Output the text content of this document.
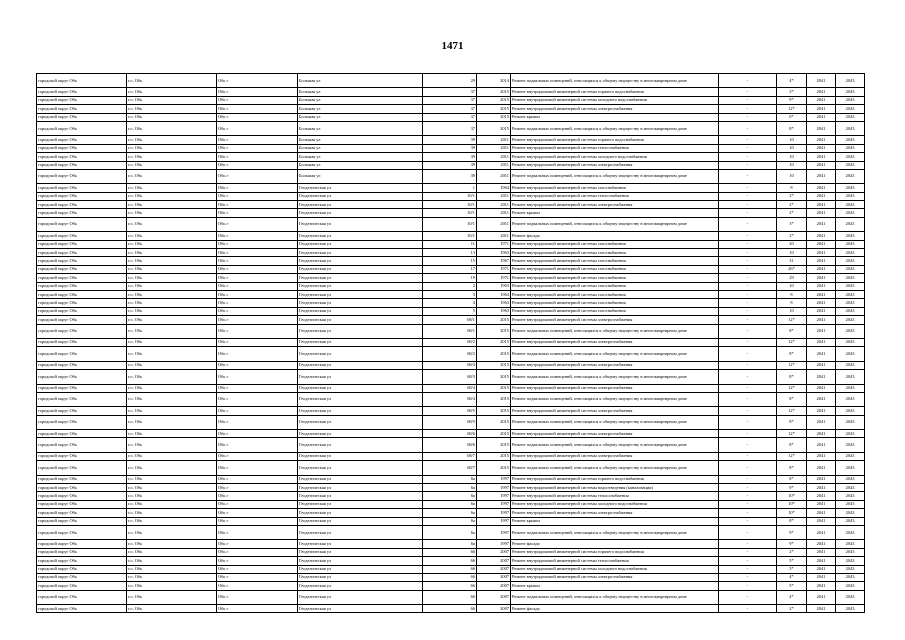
1471
городской округ Обь	г.о. Обь	Обь г	Большая ул	29	2014	Ремонт подвальных помещений, относящихся к общему имуществу в многоквартирном доме	-	4*	2041	2043
городской округ Обь	г.о. Обь	Обь г	Большая ул	37	2015	Ремонт внутридомовой инженерной системы горячего водоснабжения	-	3*	2041	2043
городской округ Обь	г.о. Обь	Обь г	Большая ул	37	2015	Ремонт внутридомовой инженерной системы холодного водоснабжения	-	9*	2041	2043
городской округ Обь	г.о. Обь	Обь г	Большая ул	37	2015	Ремонт внутридомовой инженерной системы электроснабжения	-	12*	2041	2043
городской округ Обь	г.о. Обь	Обь г	Большая ул	37	2015	Ремонт крыши	-	0*	2041	2043
городской округ Обь	г.о. Обь	Обь г	Большая ул	37	2015	Ремонт подвальных помещений, относящихся к общему имуществу в многоквартирном доме	-	8*	2041	2043
городской округ Обь	г.о. Обь	Обь г	Большая ул	39	2011	Ремонт внутридомовой инженерной системы горячего водоснабжения	-	10	2041	2043
городской округ Обь	г.о. Обь	Обь г	Большая ул	39	2011	Ремонт внутридомовой инженерной системы теплоснабжения	-	10	2041	2043
городской округ Обь	г.о. Обь	Обь г	Большая ул	39	2011	Ремонт внутридомовой инженерной системы холодного водоснабжения	-	10	2041	2043
городской округ Обь	г.о. Обь	Обь г	Большая ул	39	2011	Ремонт внутридомовой инженерной системы электроснабжения	-	10	2041	2043
городской округ Обь	г.о. Обь	Обь г	Большая ул	39	2011	Ремонт подвальных помещений, относящихся к общему имуществу в многоквартирном доме	-	10	2041	2043
городской округ Обь	г.о. Обь	Обь г	Геодезическая ул	1	1964	Ремонт внутридомовой инженерной системы газоснабжения	-	8	2041	2043
городской округ Обь	г.о. Обь	Обь г	Геодезическая ул	10/1	2011	Ремонт внутридомовой инженерной системы теплоснабжения	-	2*	2041	2043
городской округ Обь	г.о. Обь	Обь г	Геодезическая ул	10/1	2011	Ремонт внутридомовой инженерной системы электроснабжения	-	2*	2041	2043
городской округ Обь	г.о. Обь	Обь г	Геодезическая ул	10/1	2011	Ремонт крыши	-	2*	2041	2043
городской округ Обь	г.о. Обь	Обь г	Геодезическая ул	10/1	2011	Ремонт подвальных помещений, относящихся к общему имуществу в многоквартирном доме	-	3*	2041	2043
городской округ Обь	г.о. Обь	Обь г	Геодезическая ул	10/1	2011	Ремонт фасада	-	2*	2041	2043
городской округ Обь	г.о. Обь	Обь г	Геодезическая ул	11	1971	Ремонт внутридомовой инженерной системы газоснабжения	-	20	2041	2043
городской округ Обь	г.о. Обь	Обь г	Геодезическая ул	13	1963	Ремонт внутридомовой инженерной системы газоснабжения	-	10	2041	2043
городской округ Обь	г.о. Обь	Обь г	Геодезическая ул	15	1967	Ремонт внутридомовой инженерной системы газоснабжения	-	31	2041	2043
городской округ Обь	г.о. Обь	Обь г	Геодезическая ул	17	1971	Ремонт внутридомовой инженерной системы газоснабжения	-	26*	2041	2043
городской округ Обь	г.о. Обь	Обь г	Геодезическая ул	19	1971	Ремонт внутридомовой инженерной системы газоснабжения	-	29	2041	2043
городской округ Обь	г.о. Обь	Обь г	Геодезическая ул	2	1963	Ремонт внутридомовой инженерной системы газоснабжения	-	10	2041	2043
городской округ Обь	г.о. Обь	Обь г	Геодезическая ул	3	1964	Ремонт внутридомовой инженерной системы газоснабжения	-	8	2041	2043
городской округ Обь	г.о. Обь	Обь г	Геодезическая ул	4	1963	Ремонт внутридомовой инженерной системы газоснабжения	-	8	2041	2043
городской округ Обь	г.о. Обь	Обь г	Геодезическая ул	5	1963	Ремонт внутридомовой инженерной системы газоснабжения	-	10	2041	2043
городской округ Обь	г.о. Обь	Обь г	Геодезическая ул	68/1	2015	Ремонт внутридомовой инженерной системы электроснабжения	-	12*	2041	2043
городской округ Обь	г.о. Обь	Обь г	Геодезическая ул	68/1	2015	Ремонт подвальных помещений, относящихся к общему имуществу в многоквартирном доме	-	8*	2041	2043
городской округ Обь	г.о. Обь	Обь г	Геодезическая ул	68/2	2015	Ремонт внутридомовой инженерной системы электроснабжения	-	12*	2041	2043
городской округ Обь	г.о. Обь	Обь г	Геодезическая ул	68/2	2015	Ремонт подвальных помещений, относящихся к общему имуществу в многоквартирном доме	-	8*	2041	2043
городской округ Обь	г.о. Обь	Обь г	Геодезическая ул	68/3	2015	Ремонт внутридомовой инженерной системы электроснабжения	-	12*	2041	2043
городской округ Обь	г.о. Обь	Обь г	Геодезическая ул	68/3	2015	Ремонт подвальных помещений, относящихся к общему имуществу в многоквартирном доме	-	8*	2041	2043
городской округ Обь	г.о. Обь	Обь г	Геодезическая ул	68/4	2015	Ремонт внутридомовой инженерной системы электроснабжения	-	12*	2041	2043
городской округ Обь	г.о. Обь	Обь г	Геодезическая ул	68/4	2015	Ремонт подвальных помещений, относящихся к общему имуществу в многоквартирном доме	-	8*	2041	2043
городской округ Обь	г.о. Обь	Обь г	Геодезическая ул	68/5	2015	Ремонт внутридомовой инженерной системы электроснабжения	-	12*	2041	2043
городской округ Обь	г.о. Обь	Обь г	Геодезическая ул	68/5	2015	Ремонт подвальных помещений, относящихся к общему имуществу в многоквартирном доме	-	8*	2041	2043
городской округ Обь	г.о. Обь	Обь г	Геодезическая ул	68/6	2015	Ремонт внутридомовой инженерной системы электроснабжения	-	12*	2041	2043
городской округ Обь	г.о. Обь	Обь г	Геодезическая ул	68/6	2015	Ремонт подвальных помещений, относящихся к общему имуществу в многоквартирном доме	-	8*	2041	2043
городской округ Обь	г.о. Обь	Обь г	Геодезическая ул	68/7	2015	Ремонт внутридомовой инженерной системы электроснабжения	-	12*	2041	2043
городской округ Обь	г.о. Обь	Обь г	Геодезическая ул	68/7	2015	Ремонт подвальных помещений, относящихся к общему имуществу в многоквартирном доме	-	8*	2041	2043
городской округ Обь	г.о. Обь	Обь г	Геодезическая ул	6а	1997	Ремонт внутридомовой инженерной системы горячего водоснабжения	-	8*	2041	2043
городской округ Обь	г.о. Обь	Обь г	Геодезическая ул	6а	1997	Ремонт внутридомовой инженерной системы водоотведения (канализации)	-	9*	2041	2043
городской округ Обь	г.о. Обь	Обь г	Геодезическая ул	6а	1997	Ремонт внутридомовой инженерной системы теплоснабжения	-	10*	2041	2043
городской округ Обь	г.о. Обь	Обь г	Геодезическая ул	6а	1997	Ремонт внутридомовой инженерной системы холодного водоснабжения	-	10*	2041	2043
городской округ Обь	г.о. Обь	Обь г	Геодезическая ул	6а	1997	Ремонт внутридомовой инженерной системы электроснабжения	-	10*	2041	2043
городской округ Обь	г.о. Обь	Обь г	Геодезическая ул	6а	1997	Ремонт крыши	-	8*	2041	2043
городской округ Обь	г.о. Обь	Обь г	Геодезическая ул	6а	1997	Ремонт подвальных помещений, относящихся к общему имуществу в многоквартирном доме	-	9*	2041	2043
городской округ Обь	г.о. Обь	Обь г	Геодезическая ул	6а	1997	Ремонт фасада	-	9*	2041	2043
городской округ Обь	г.о. Обь	Обь г	Геодезическая ул	66	2007	Ремонт внутридомовой инженерной системы горячего водоснабжения	-	2*	2041	2043
городской округ Обь	г.о. Обь	Обь г	Геодезическая ул	66	2007	Ремонт внутридомовой инженерной системы теплоснабжения	-	5*	2041	2043
городской округ Обь	г.о. Обь	Обь г	Геодезическая ул	66	2007	Ремонт внутридомовой инженерной системы холодного водоснабжения	-	5*	2041	2043
городской округ Обь	г.о. Обь	Обь г	Геодезическая ул	66	2007	Ремонт внутридомовой инженерной системы электроснабжения	-	4*	2041	2043
городской округ Обь	г.о. Обь	Обь г	Геодезическая ул	66	2007	Ремонт крыши	-	5*	2041	2043
городской округ Обь	г.о. Обь	Обь г	Геодезическая ул	66	2007	Ремонт подвальных помещений, относящихся к общему имуществу в многоквартирном доме	-	4*	2041	2043
городской округ Обь	г.о. Обь	Обь г	Геодезическая ул	66	2007	Ремонт фасада	-	2*	2041	2043
